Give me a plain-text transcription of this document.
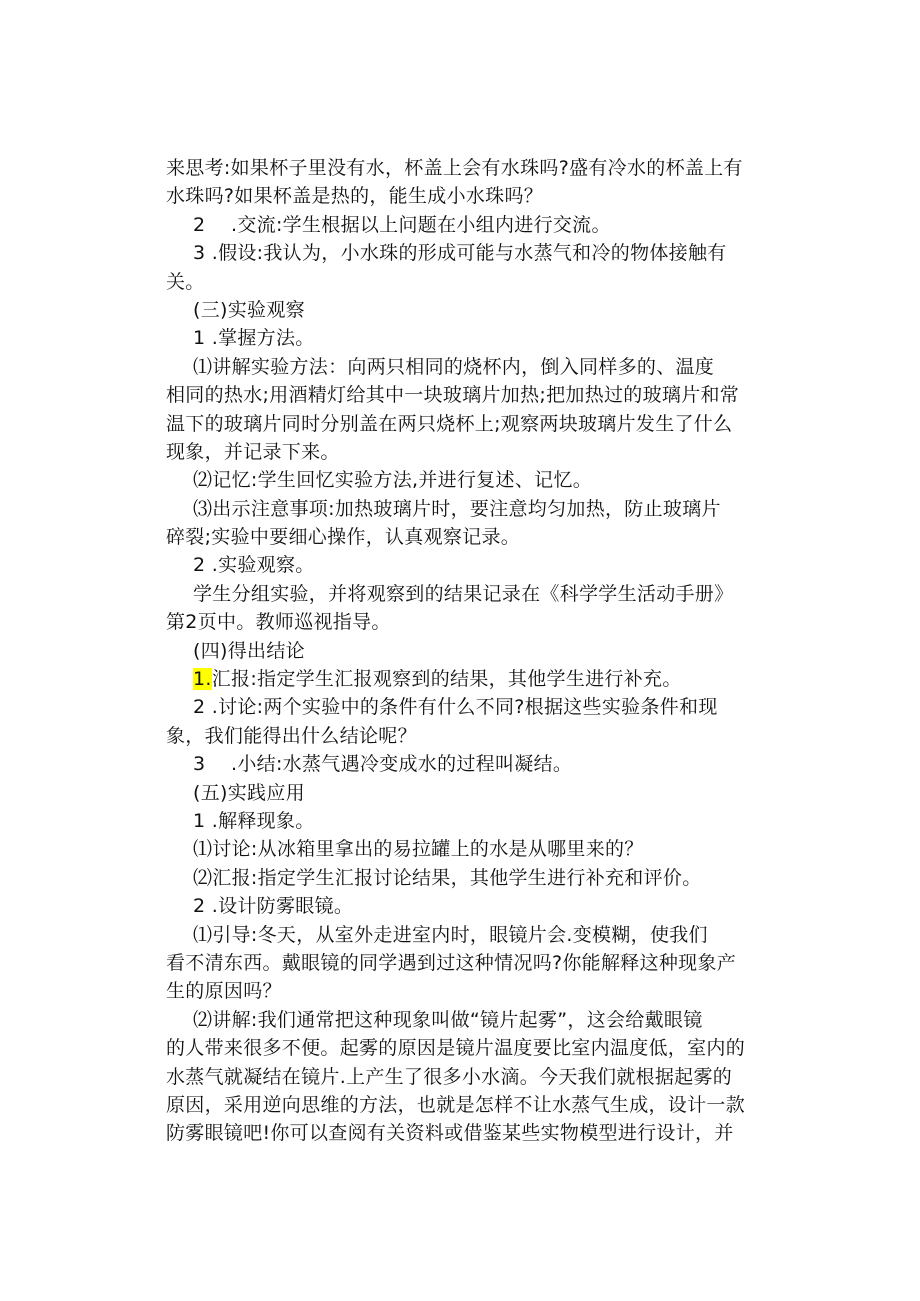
来思考:如果杯子里没有水，杯盖上会有水珠吗?盛有冷水的杯盖上有
水珠吗?如果杯盖是热的，能生成小水珠吗？
2　 .交流:学生根据以上问题在小组内进行交流。
3 .假设:我认为，小水珠的形成可能与水蒸气和冷的物体接触有
关。
(三)实验观察
1 .掌握方法。
⑴讲解实验方法：向两只相同的烧杯内，倒入同样多的、温度
相同的热水;用酒精灯给其中一块玻璃片加热;把加热过的玻璃片和常
温下的玻璃片同时分别盖在两只烧杯上;观察两块玻璃片发生了什么
现象，并记录下来。
⑵记忆:学生回忆实验方法,并进行复述、记忆。
⑶出示注意事项:加热玻璃片时，要注意均匀加热，防止玻璃片
碎裂;实验中要细心操作，认真观察记录。
2 .实验观察。
学生分组实验，并将观察到的结果记录在《科学学生活动手册》
第2页中。教师巡视指导。
(四)得出结论
1.汇报:指定学生汇报观察到的结果，其他学生进行补充。
2 .讨论:两个实验中的条件有什么不同?根据这些实验条件和现
象，我们能得出什么结论呢？
3　 .小结:水蒸气遇冷变成水的过程叫凝结。
(五)实践应用
1 .解释现象。
⑴讨论:从冰箱里拿出的易拉罐上的水是从哪里来的？
⑵汇报:指定学生汇报讨论结果，其他学生进行补充和评价。
2 .设计防雾眼镜。
⑴引导:冬天，从室外走进室内时，眼镜片会.变模糊，使我们
看不清东西。戴眼镜的同学遇到过这种情况吗?你能解释这种现象产
生的原因吗？
⑵讲解:我们通常把这种现象叫做“镜片起雾”，这会给戴眼镜
的人带来很多不便。起雾的原因是镜片温度要比室内温度低，室内的
水蒸气就凝结在镜片.上产生了很多小水滴。今天我们就根据起雾的
原因，采用逆向思维的方法，也就是怎样不让水蒸气生成，设计一款
防雾眼镜吧!你可以查阅有关资料或借鉴某些实物模型进行设计，并
